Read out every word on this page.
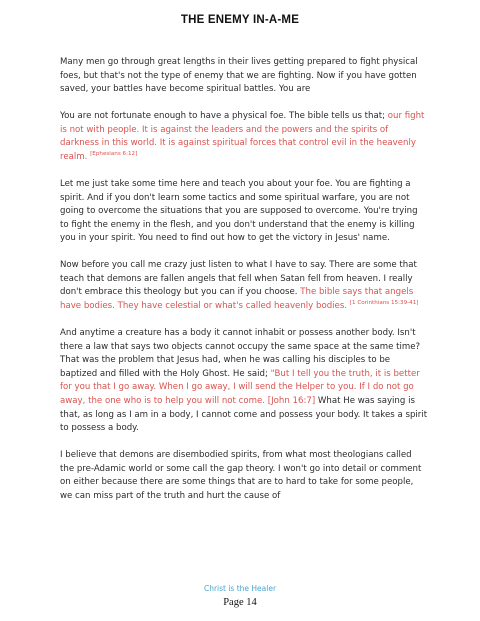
THE ENEMY IN-A-ME

Many men go through great lengths in their lives getting prepared to fight physical foes, but that's not the type of enemy that we are fighting. Now if you have gotten saved, your battles have become spiritual battles. You are

You are not fortunate enough to have a physical foe. The bible tells us that; our fight is not with people. It is against the leaders and the powers and the spirits of darkness in this world. It is against spiritual forces that control evil in the heavenly realm. [Ephesians 6:12]

Let me just take some time here and teach you about your foe. You are fighting a spirit. And if you don't learn some tactics and some spiritual warfare, you are not going to overcome the situations that you are supposed to overcome. You're trying to fight the enemy in the flesh, and you don't understand that the enemy is killing you in your spirit. You need to find out how to get the victory in Jesus' name.

Now before you call me crazy just listen to what I have to say. There are some that teach that demons are fallen angels that fell when Satan fell from heaven. I really don't embrace this theology but you can if you choose. The bible says that angels have bodies. They have celestial or what's called heavenly bodies. [1 Corinthians 15:39-41]

And anytime a creature has a body it cannot inhabit or possess another body. Isn't there a law that says two objects cannot occupy the same space at the same time? That was the problem that Jesus had, when he was calling his disciples to be baptized and filled with the Holy Ghost. He said; "But I tell you the truth, it is better for you that I go away. When I go away, I will send the Helper to you. If I do not go away, the one who is to help you will not come. [John 16:7] What He was saying is that, as long as I am in a body, I cannot come and possess your body. It takes a spirit to possess a body.

I believe that demons are disembodied spirits, from what most theologians called the pre-Adamic world or some call the gap theory. I won't go into detail or comment on either because there are some things that are to hard to take for some people, we can miss part of the truth and hurt the cause of

Christ is the Healer
Page 14
